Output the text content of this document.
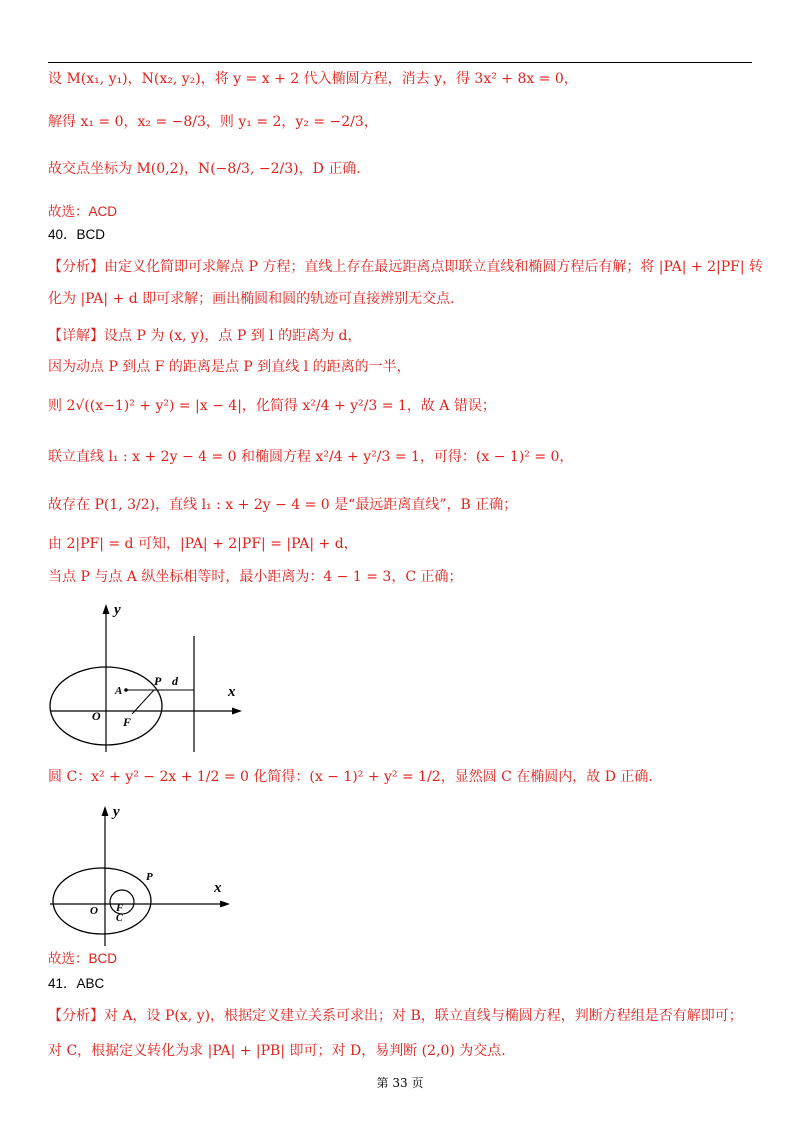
设 M(x₁, y₁)，N(x₂, y₂)，将 y = x + 2 代入椭圆方程，消去 y，得 3x² + 8x = 0，
解得 x₁ = 0，x₂ = −8/3，则 y₁ = 2，y₂ = −2/3，
故交点坐标为 M(0,2)，N(−8/3, −2/3)，D 正确.
故选：ACD
40．BCD
【分析】由定义化简即可求解点 P 方程；直线上存在最远距离点即联立直线和椭圆方程后有解；将 |PA| + 2|PF| 转
化为 |PA| + d 即可求解；画出椭圆和圆的轨迹可直接辨别无交点.
【详解】设点 P 为 (x, y)，点 P 到 l 的距离为 d，
因为动点 P 到点 F 的距离是点 P 到直线 l 的距离的一半，
则 2√((x−1)² + y²) = |x − 4|，化简得 x²/4 + y²/3 = 1，故 A 错误；
联立直线 l₁ : x + 2y − 4 = 0 和椭圆方程 x²/4 + y²/3 = 1，可得：(x − 1)² = 0，
故存在 P(1, 3/2)，直线 l₁ : x + 2y − 4 = 0 是“最远距离直线”，B 正确；
由 2|PF| = d 可知，|PA| + 2|PF| = |PA| + d，
当点 P 与点 A 纵坐标相等时，最小距离为：4 − 1 = 3，C 正确；
y
x
A
P d
O F
圆 C：x² + y² − 2x + 1/2 = 0 化简得：(x − 1)² + y² = 1/2，显然圆 C 在椭圆内，故 D 正确.
y
x
P
O F
C
故选：BCD
41．ABC
【分析】对 A，设 P(x, y)，根据定义建立关系可求出；对 B，联立直线与椭圆方程，判断方程组是否有解即可；
对 C，根据定义转化为求 |PA| + |PB| 即可；对 D，易判断 (2,0) 为交点.
第 33 页
